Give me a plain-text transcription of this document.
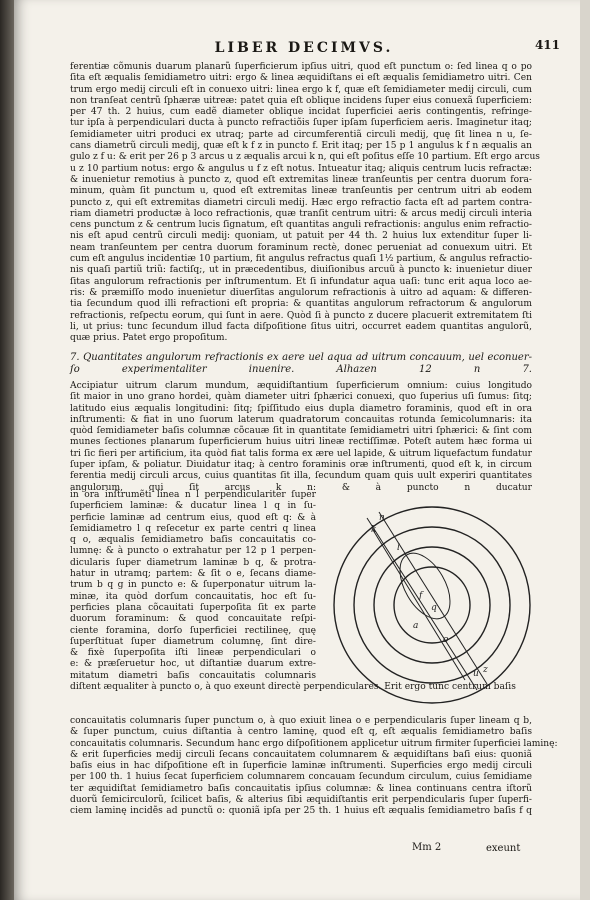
LIBER DECIMVS.	411
ferentiæ cõmunis duarum planarũ ſuperficierum ipſius uitri, quod eſt punctum o: ſed linea q o po
ſita eſt æqualis ſemidiametro uitri: ergo & linea æquidiſtans ei eſt æqualis ſemidiametro uitri. Cen
trum ergo medij circuli eſt in conuexo uitri: linea ergo k f, quæ eſt ſemidiameter medij circuli, cum
non tranſeat centrũ ſphæræ uitreæ: patet quia eſt oblique incidens ſuper eius conuexã ſuperficiem:
per 47 th. 2 huius, cum eadẽ diameter oblique incidat ſuperficiei aeris contingentis, refringe-
tur ipſa à perpendiculari ducta à puncto refractiõis ſuper ipſam ſuperficiem aeris. Imaginetur itaq;
ſemidiameter uitri produci ex utraq; parte ad circumferentiã circuli medij, quę ſit linea n u, ſe-
cans diametrũ circuli medij, quæ eſt k f z in puncto f. Erit itaq; per 15 p 1 angulus k f n æqualis an
gulo z f u: & erit per 26 p 3 arcus u z æqualis arcui k n, qui eſt poſitus eſſe 10 partium. Eſt ergo arcus
u z 10 partium notus: ergo & angulus u f z eſt notus. Intueatur itaq; aliquis centrum lucis refractæ:
& inuenietur remotius à puncto z, quod eſt extremitas lineæ tranſeuntis per centra duorum fora-
minum, quàm ſit punctum u, quod eſt extremitas lineæ tranſeuntis per centrum uitri ab eodem
puncto z, qui eſt extremitas diametri circuli medij. Hæc ergo refractio facta eſt ad partem contra-
riam diametri productæ à loco refractionis, quæ tranſit centrum uitri: & arcus medij circuli interia
cens punctum z & centrum lucis ſignatum, eſt quantitas anguli refractionis: angulus enim refractio-
nis eſt apud centrũ circuli medij: quoniam, ut patuit per 44 th. 2 huius lux extenditur ſuper li-
neam tranſeuntem per centra duorum foraminum rectè, donec perueniat ad conuexum uitri. Et
cum eſt angulus incidentiæ 10 partium, fit angulus refractus quaſi 1½ partium, & angulus refractio-
nis quaſi partiũ triũ: factiſq;, ut in præcedentibus, diuiſionibus arcuũ à puncto k: inuenietur diuer
ſitas angulorum refractionis per inſtrumentum. Et ſi infundatur aqua uaſi: tunc erit aqua loco ae-
ris: & præmiſſo modo inuenietur diuerſitas angulorum refractionis à uitro ad aquam: & differen-
tia ſecundum quod illi refractioni eſt propria: & quantitas angulorum refractorum & angulorum
refractionis, reſpectu eorum, qui ſunt in aere. Quòd ſi à puncto z ducere placuerit extremitatem ſti
li, ut prius: tunc ſecundum illud facta diſpoſitione ſitus uitri, occurret eadem quantitas angulorũ,
quæ prius. Patet ergo propoſitum.
7. Quantitates angulorum refractionis ex aere uel aqua ad uitrum concauum, uel econuer-
ſo experimentaliter inuenire. Alhazen 12 n 7.
Accipiatur uitrum clarum mundum, æquidiſtantium ſuperficierum omnium: cuius longitudo
ſit maior in uno grano hordei, quàm diameter uitri ſphærici conuexi, quo ſuperius uſi ſumus: ſitq;
latitudo eius æqualis longitudini: ſitq; ſpiſſitudo eius dupla diametro foraminis, quod eſt in ora
inſtrumenti: & fiat in uno ſuorum laterum quadratorum concauitas rotunda ſemicolumnaris: ita
quòd ſemidiameter baſis columnæ cõcauæ ſit in quantitate ſemidiametri uitri ſphærici: & ſint com
munes ſectiones planarum ſuperficierum huius uitri lineæ rectiſſimæ. Poteſt autem hæc forma ui
tri ſic fieri per artificium, ita quòd fiat talis forma ex ære uel lapide, & uitrum liquefactum fundatur
ſuper ipſam, & poliatur. Diuidatur itaq; à centro foraminis oræ inſtrumenti, quod eſt k, in circum
ferentia medij circuli arcus, cuius quantitas ſit illa, ſecundum quam quis uult experiri quantitates
angulorum, qui ſit arcus k n: & à puncto n ducatur
in ora inſtrumẽti linea n l perpendiculariter ſuper
ſuperficiem laminæ: & ducatur linea l q in ſu-
perficie laminæ ad centrum eius, quod eſt q: & à
ſemidiametro l q reſecetur ex parte centri q linea
q o, æqualis ſemidiametro baſis concauitatis co-
lumnę: & à puncto o extrahatur per 12 p 1 perpen-
dicularis ſuper diametrum laminæ b q, & protra-
hatur in utramq; partem: & ſit o e, ſecans diame-
trum b q g in puncto e: & ſuperponatur uitrum la-
minæ, ita quòd dorſum concauitatis, hoc eſt ſu-
perficies plana cõcauitati ſuperpoſita ſit ex parte
duorum foraminum: & quod concauitate reſpi-
ciente foramina, dorſo ſuperficiei rectilineę, quę
ſuperſtituat ſuper diametrum columnę, ſint dire-
& fixè ſuperpoſita iſti lineæ perpendiculari o
e: & præſeruetur hoc, ut diſtantiæ duarum extre-
mitatum diametri baſis concauitatis columnaris
diſtent æqualiter à puncto o, à quo exeunt directè perpendiculares. Erit ergo tunc centrum baſis
concauitatis columnaris ſuper punctum o, à quo exiuit linea o e perpendicularis ſuper lineam q b,
& ſuper punctum, cuius diſtantia à centro laminę, quod eſt q, eſt æqualis ſemidiametro baſis
concauitatis columnaris. Secundum hanc ergo diſpoſitionem applicetur uitrum firmiter ſuperficiei laminę:
& erit ſuperficies medij circuli ſecans concauitatem columnarem & æquidiſtans baſi eius: quoniã
baſis eius in hac diſpoſitione eſt in ſuperficie laminæ inſtrumenti. Superficies ergo medij circuli
per 100 th. 1 huius ſecat ſuperficiem columnarem concauam ſecundum circulum, cuius ſemidiame
ter æquidiſtat ſemidiametro baſis concauitatis ipſius columnæ: & linea continuans centra iſtorũ
duorũ ſemicirculorũ, ſcilicet baſis, & alterius ſibi æquidiſtantis erit perpendicularis ſuper ſuperfi-
ciem laminę incidẽs ad punctũ o: quoniã ipſa per 25 th. 1 huius eſt æqualis ſemidiametro baſis f q
n
k
l
f
q
a
o
u z
Mm 2	exeunt
